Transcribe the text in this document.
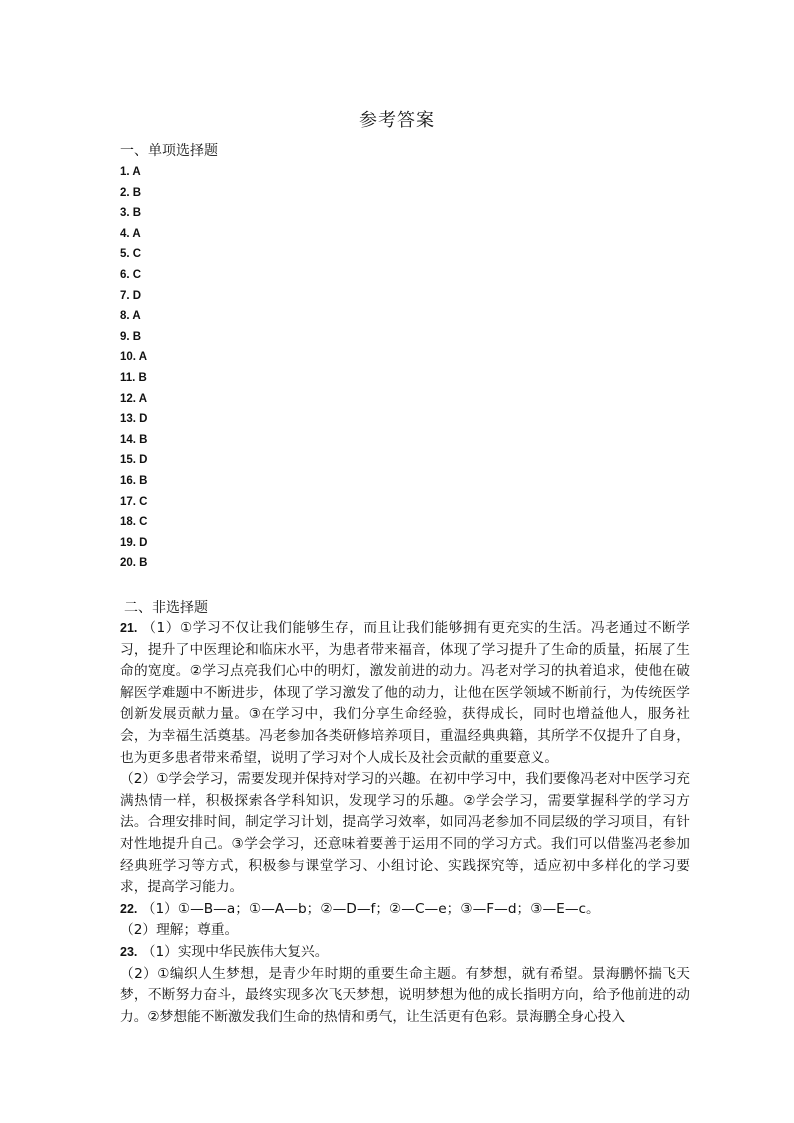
参考答案
一、单项选择题
1. A
2. B
3. B
4. A
5. C
6. C
7. D
8. A
9. B
10. A
11. B
12. A
13. D
14. B
15. D
16. B
17. C
18. C
19. D
20. B
二、非选择题

21. （1）①学习不仅让我们能够生存，而且让我们能够拥有更充实的生活。冯老通过不断学习，提升了中医理论和临床水平，为患者带来福音，体现了学习提升了生命的质量，拓展了生命的宽度。②学习点亮我们心中的明灯，激发前进的动力。冯老对学习的执着追求，使他在破解医学难题中不断进步，体现了学习激发了他的动力，让他在医学领域不断前行，为传统医学创新发展贡献力量。③在学习中，我们分享生命经验，获得成长，同时也增益他人，服务社会，为幸福生活奠基。冯老参加各类研修培养项目，重温经典典籍，其所学不仅提升了自身，也为更多患者带来希望，说明了学习对个人成长及社会贡献的重要意义。

（2）①学会学习，需要发现并保持对学习的兴趣。在初中学习中，我们要像冯老对中医学习充满热情一样，积极探索各学科知识，发现学习的乐趣。②学会学习，需要掌握科学的学习方法。合理安排时间，制定学习计划，提高学习效率，如同冯老参加不同层级的学习项目，有针对性地提升自己。③学会学习，还意味着要善于运用不同的学习方式。我们可以借鉴冯老参加经典班学习等方式，积极参与课堂学习、小组讨论、实践探究等，适应初中多样化的学习要求，提高学习能力。

22. （1）①—B—a；①—A—b；②—D—f；②—C—e；③—F—d；③—E—c。

（2）理解；尊重。

23. （1）实现中华民族伟大复兴。

（2）①编织人生梦想，是青少年时期的重要生命主题。有梦想，就有希望。景海鹏怀揣飞天梦，不断努力奋斗，最终实现多次飞天梦想，说明梦想为他的成长指明方向，给予他前进的动力。②梦想能不断激发我们生命的热情和勇气，让生活更有色彩。景海鹏全身心投入
